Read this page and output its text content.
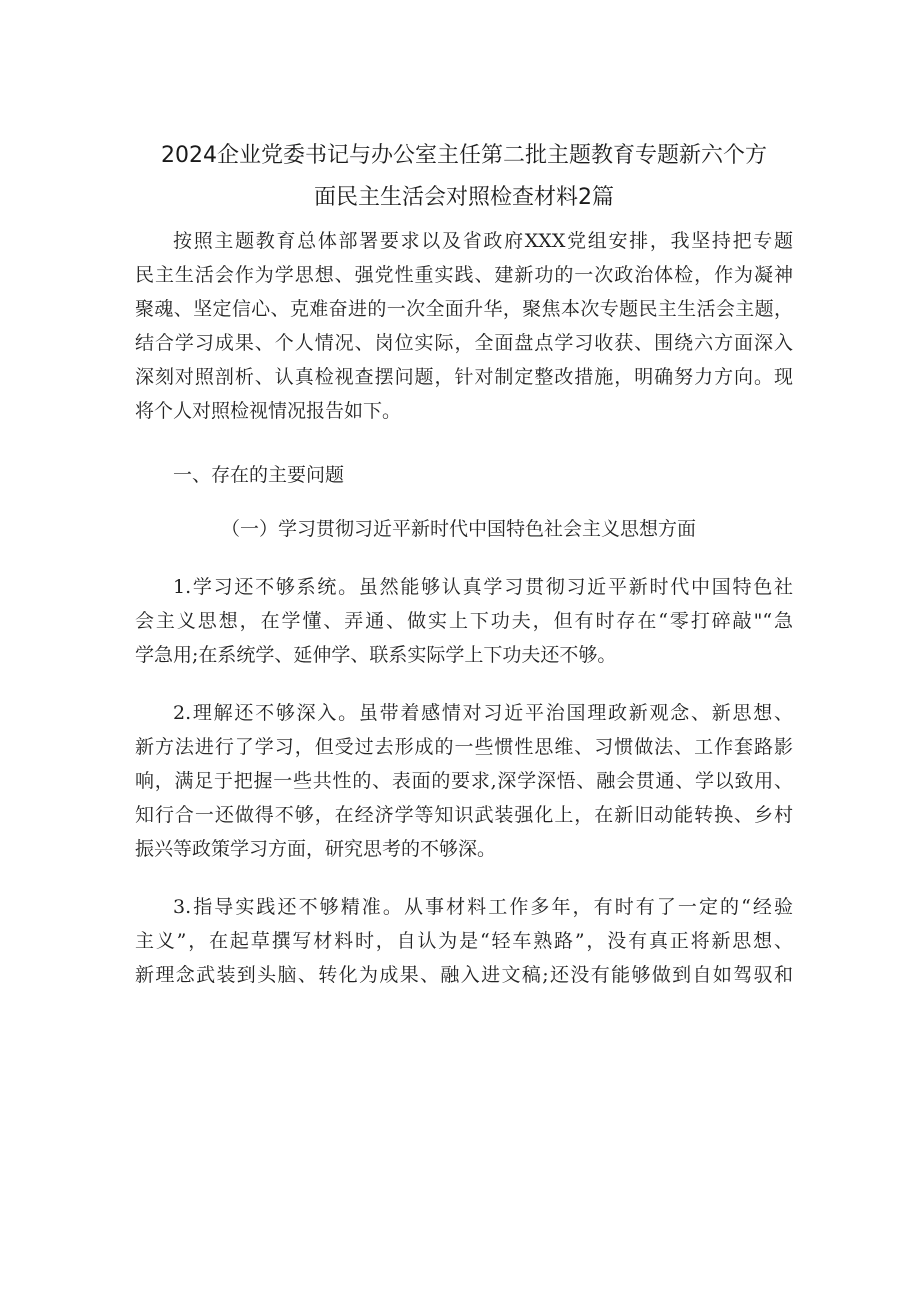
2024企业党委书记与办公室主任第二批主题教育专题新六个方
面民主生活会对照检查材料2篇
按照主题教育总体部署要求以及省政府XXX党组安排，我坚持把专题
民主生活会作为学思想、强党性重实践、建新功的一次政治体检，作为凝神
聚魂、坚定信心、克难奋进的一次全面升华，聚焦本次专题民主生活会主题，
结合学习成果、个人情况、岗位实际，全面盘点学习收获、围绕六方面深入
深刻对照剖析、认真检视查摆问题，针对制定整改措施，明确努力方向。现
将个人对照检视情况报告如下。
一、存在的主要问题
（一）学习贯彻习近平新时代中国特色社会主义思想方面
1.学习还不够系统。虽然能够认真学习贯彻习近平新时代中国特色社
会主义思想，在学懂、弄通、做实上下功夫，但有时存在“零打碎敲"“急
学急用;在系统学、延伸学、联系实际学上下功夫还不够。
2.理解还不够深入。虽带着感情对习近平治国理政新观念、新思想、
新方法进行了学习，但受过去形成的一些惯性思维、习惯做法、工作套路影
响，满足于把握一些共性的、表面的要求,深学深悟、融会贯通、学以致用、
知行合一还做得不够，在经济学等知识武装强化上，在新旧动能转换、乡村
振兴等政策学习方面，研究思考的不够深。
3.指导实践还不够精准。从事材料工作多年，有时有了一定的“经验
主义”，在起草撰写材料时，自认为是“轻车熟路”，没有真正将新思想、
新理念武装到头脑、转化为成果、融入进文稿;还没有能够做到自如驾驭和
